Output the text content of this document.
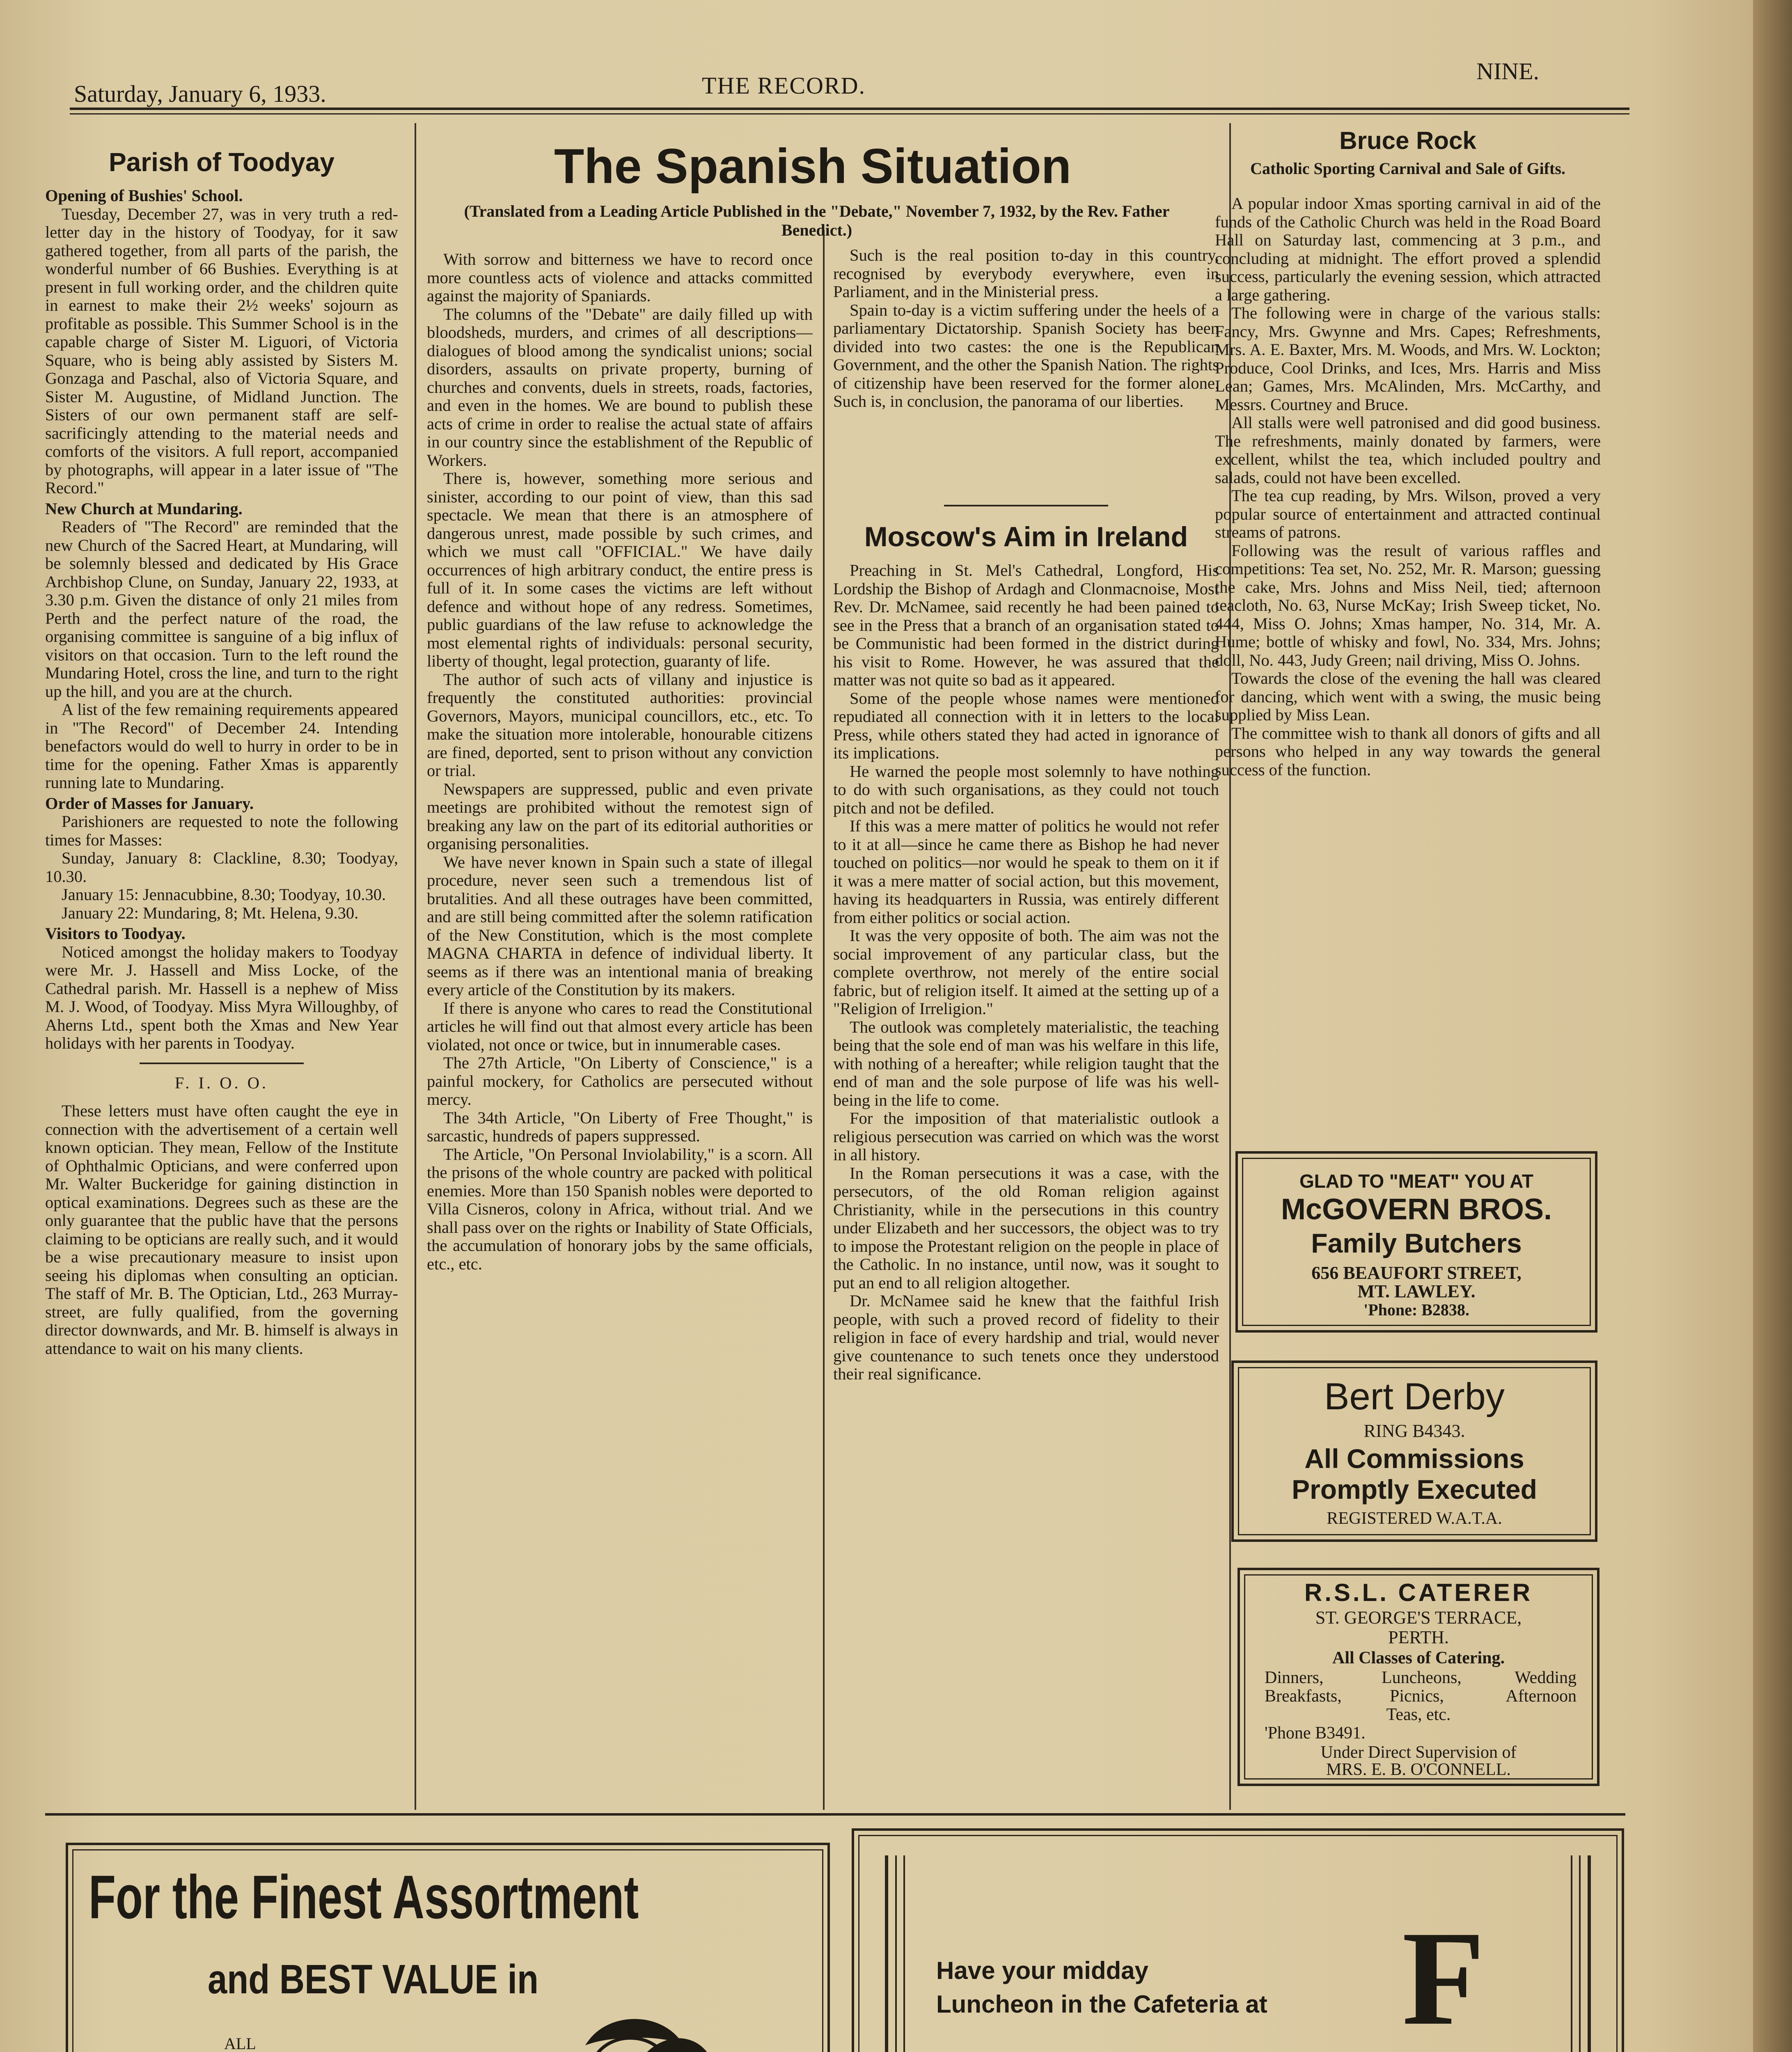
Saturday, January 6, 1933.	THE RECORD.
NINE.
Parish of Toodyay

Opening of Bushies' School.

Tuesday, December 27, was in very truth a red-letter day in the history of Toodyay, for it saw gathered together, from all parts of the parish, the wonderful number of 66 Bushies. Everything is at present in full working order, and the children quite in earnest to make their 2½ weeks' sojourn as profitable as possible. This Summer School is in the capable charge of Sister M. Liguori, of Victoria Square, who is being ably assisted by Sisters M. Gonzaga and Paschal, also of Victoria Square, and Sister M. Augustine, of Midland Junction. The Sisters of our own permanent staff are self-sacrificingly attending to the material needs and comforts of the visitors. A full report, accompanied by photographs, will appear in a later issue of "The Record."

New Church at Mundaring.

Readers of "The Record" are reminded that the new Church of the Sacred Heart, at Mundaring, will be solemnly blessed and dedicated by His Grace Archbishop Clune, on Sunday, January 22, 1933, at 3.30 p.m. Given the distance of only 21 miles from Perth and the perfect nature of the road, the organising committee is sanguine of a big influx of visitors on that occasion. Turn to the left round the Mundaring Hotel, cross the line, and turn to the right up the hill, and you are at the church.

A list of the few remaining requirements appeared in "The Record" of December 24. Intending benefactors would do well to hurry in order to be in time for the opening. Father Xmas is apparently running late to Mundaring.

Order of Masses for January.

Parishioners are requested to note the following times for Masses:

Sunday, January 8: Clackline, 8.30; Toodyay, 10.30.

January 15: Jennacubbine, 8.30; Toodyay, 10.30.

January 22: Mundaring, 8; Mt. Helena, 9.30.

Visitors to Toodyay.

Noticed amongst the holiday makers to Toodyay were Mr. J. Hassell and Miss Locke, of the Cathedral parish. Mr. Hassell is a nephew of Miss M. J. Wood, of Toodyay. Miss Myra Willoughby, of Aherns Ltd., spent both the Xmas and New Year holidays with her parents in Toodyay.

F. I. O. O.

These letters must have often caught the eye in connection with the advertisement of a certain well known optician. They mean, Fellow of the Institute of Ophthalmic Opticians, and were conferred upon Mr. Walter Buckeridge for gaining distinction in optical examinations. Degrees such as these are the only guarantee that the public have that the persons claiming to be opticians are really such, and it would be a wise precautionary measure to insist upon seeing his diplomas when consulting an optician. The staff of Mr. B. The Optician, Ltd., 263 Murray-street, are fully qualified, from the governing director downwards, and Mr. B. himself is always in attendance to wait on his many clients.

The Spanish Situation
(Translated from a Leading Article Published in the "Debate," November 7, 1932, by the Rev. Father Benedict.)

With sorrow and bitterness we have to record once more countless acts of violence and attacks committed against the majority of Spaniards.

The columns of the "Debate" are daily filled up with bloodsheds, murders, and crimes of all descriptions—dialogues of blood among the syndicalist unions; social disorders, assaults on private property, burning of churches and convents, duels in streets, roads, factories, and even in the homes. We are bound to publish these acts of crime in order to realise the actual state of affairs in our country since the establishment of the Republic of Workers.

There is, however, something more serious and sinister, according to our point of view, than this sad spectacle. We mean that there is an atmosphere of dangerous unrest, made possible by such crimes, and which we must call "OFFICIAL." We have daily occurrences of high arbitrary conduct, the entire press is full of it. In some cases the victims are left without defence and without hope of any redress. Sometimes, public guardians of the law refuse to acknowledge the most elemental rights of individuals: personal security, liberty of thought, legal protection, guaranty of life.

The author of such acts of villany and injustice is frequently the constituted authorities: provincial Governors, Mayors, municipal councillors, etc., etc. To make the situation more intolerable, honourable citizens are fined, deported, sent to prison without any conviction or trial.

Newspapers are suppressed, public and even private meetings are prohibited without the remotest sign of breaking any law on the part of its editorial authorities or organising personalities.

We have never known in Spain such a state of illegal procedure, never seen such a tremendous list of brutalities. And all these outrages have been committed, and are still being committed after the solemn ratification of the New Constitution, which is the most complete MAGNA CHARTA in defence of individual liberty. It seems as if there was an intentional mania of breaking every article of the Constitution by its makers.

If there is anyone who cares to read the Constitutional articles he will find out that almost every article has been violated, not once or twice, but in innumerable cases.

The 27th Article, "On Liberty of Conscience," is a painful mockery, for Catholics are persecuted without mercy.

The 34th Article, "On Liberty of Free Thought," is sarcastic, hundreds of papers suppressed.

The Article, "On Personal Inviolability," is a scorn. All the prisons of the whole country are packed with political enemies. More than 150 Spanish nobles were deported to Villa Cisneros, colony in Africa, without trial. And we shall pass over on the rights or Inability of State Officials, the accumulation of honorary jobs by the same officials, etc., etc.

Such is the real position to-day in this country, recognised by everybody everywhere, even in Parliament, and in the Ministerial press.

Spain to-day is a victim suffering under the heels of a parliamentary Dictatorship. Spanish Society has been divided into two castes: the one is the Republican Government, and the other the Spanish Nation. The rights of citizenship have been reserved for the former alone. Such is, in conclusion, the panorama of our liberties.

Moscow's Aim in Ireland

Preaching in St. Mel's Cathedral, Longford, His Lordship the Bishop of Ardagh and Clonmacnoise, Most Rev. Dr. McNamee, said recently he had been pained to see in the Press that a branch of an organisation stated to be Communistic had been formed in the district during his visit to Rome. However, he was assured that the matter was not quite so bad as it appeared.

Some of the people whose names were mentioned repudiated all connection with it in letters to the local Press, while others stated they had acted in ignorance of its implications.

He warned the people most solemnly to have nothing to do with such organisations, as they could not touch pitch and not be defiled.

If this was a mere matter of politics he would not refer to it at all—since he came there as Bishop he had never touched on politics—nor would he speak to them on it if it was a mere matter of social action, but this movement, having its headquarters in Russia, was entirely different from either politics or social action.

It was the very opposite of both. The aim was not the social improvement of any particular class, but the complete overthrow, not merely of the entire social fabric, but of religion itself. It aimed at the setting up of a "Religion of Irreligion."

The outlook was completely materialistic, the teaching being that the sole end of man was his welfare in this life, with nothing of a hereafter; while religion taught that the end of man and the sole purpose of life was his well-being in the life to come.

For the imposition of that materialistic outlook a religious persecution was carried on which was the worst in all history.

In the Roman persecutions it was a case, with the persecutors, of the old Roman religion against Christianity, while in the persecutions in this country under Elizabeth and her successors, the object was to try to impose the Protestant religion on the people in place of the Catholic. In no instance, until now, was it sought to put an end to all religion altogether.

Dr. McNamee said he knew that the faithful Irish people, with such a proved record of fidelity to their religion in face of every hardship and trial, would never give countenance to such tenets once they understood their real significance.

Bruce Rock
Catholic Sporting Carnival and Sale of Gifts.

A popular indoor Xmas sporting carnival in aid of the funds of the Catholic Church was held in the Road Board Hall on Saturday last, commencing at 3 p.m., and concluding at midnight. The effort proved a splendid success, particularly the evening session, which attracted a large gathering.

The following were in charge of the various stalls: Fancy, Mrs. Gwynne and Mrs. Capes; Refreshments, Mrs. A. E. Baxter, Mrs. M. Woods, and Mrs. W. Lockton; Produce, Cool Drinks, and Ices, Mrs. Harris and Miss Lean; Games, Mrs. McAlinden, Mrs. McCarthy, and Messrs. Courtney and Bruce.

All stalls were well patronised and did good business. The refreshments, mainly donated by farmers, were excellent, whilst the tea, which included poultry and salads, could not have been excelled.

The tea cup reading, by Mrs. Wilson, proved a very popular source of entertainment and attracted continual streams of patrons.

Following was the result of various raffles and competitions: Tea set, No. 252, Mr. R. Marson; guessing the cake, Mrs. Johns and Miss Neil, tied; afternoon teacloth, No. 63, Nurse McKay; Irish Sweep ticket, No. 444, Miss O. Johns; Xmas hamper, No. 314, Mr. A. Hume; bottle of whisky and fowl, No. 334, Mrs. Johns; doll, No. 443, Judy Green; nail driving, Miss O. Johns.

Towards the close of the evening the hall was cleared for dancing, which went with a swing, the music being supplied by Miss Lean.

The committee wish to thank all donors of gifts and all persons who helped in any way towards the general success of the function.

GLAD TO "MEAT" YOU AT
McGOVERN BROS.
Family Butchers
656 BEAUFORT STREET,
MT. LAWLEY.
'Phone: B2838.
Bert Derby
RING B4343.
All Commissions
Promptly Executed
REGISTERED W.A.T.A.
R.S.L. CATERER
ST. GEORGE'S TERRACE,
PERTH.
All Classes of Catering.
Dinners,	Luncheons,	Wedding
Breakfasts,	Picnics,	Afternoon
Teas, etc.
'Phone B3491.
Under Direct Supervision of
MRS. E. B. O'CONNELL.
For the Finest Assortment
and BEST VALUE in
ALL
Have your midday
Luncheon in the Cafeteria at F
